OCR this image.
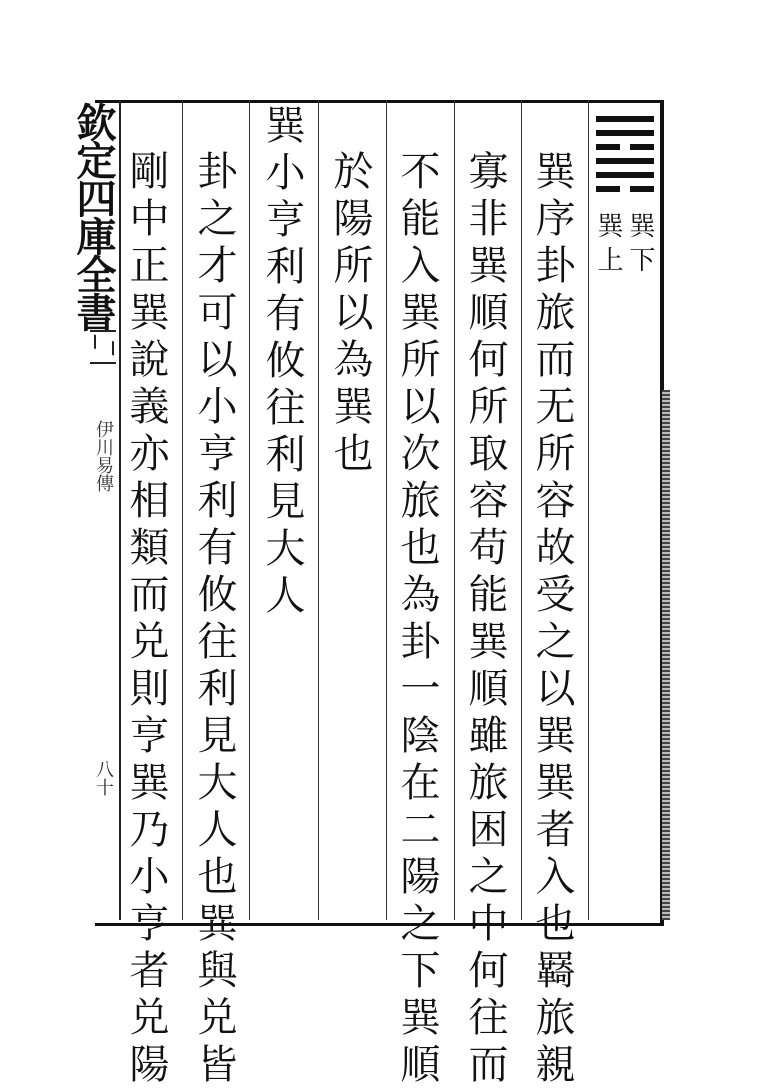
欽定四庫全書
伊川易傳
八十
巽下
巽上
巽序卦旅而无所容故受之以巽巽者入也羇旅親
寡非巽順何所取容苟能巽順雖旅困之中何往而
不能入巽所以次旅也為卦一陰在二陽之下巽順
於陽所以為巽也
巽小亨利有攸往利見大人
卦之才可以小亨利有攸往利見大人也巽與兑皆
剛中正巽說義亦相類而兑則亨巽乃小亨者兑陽
